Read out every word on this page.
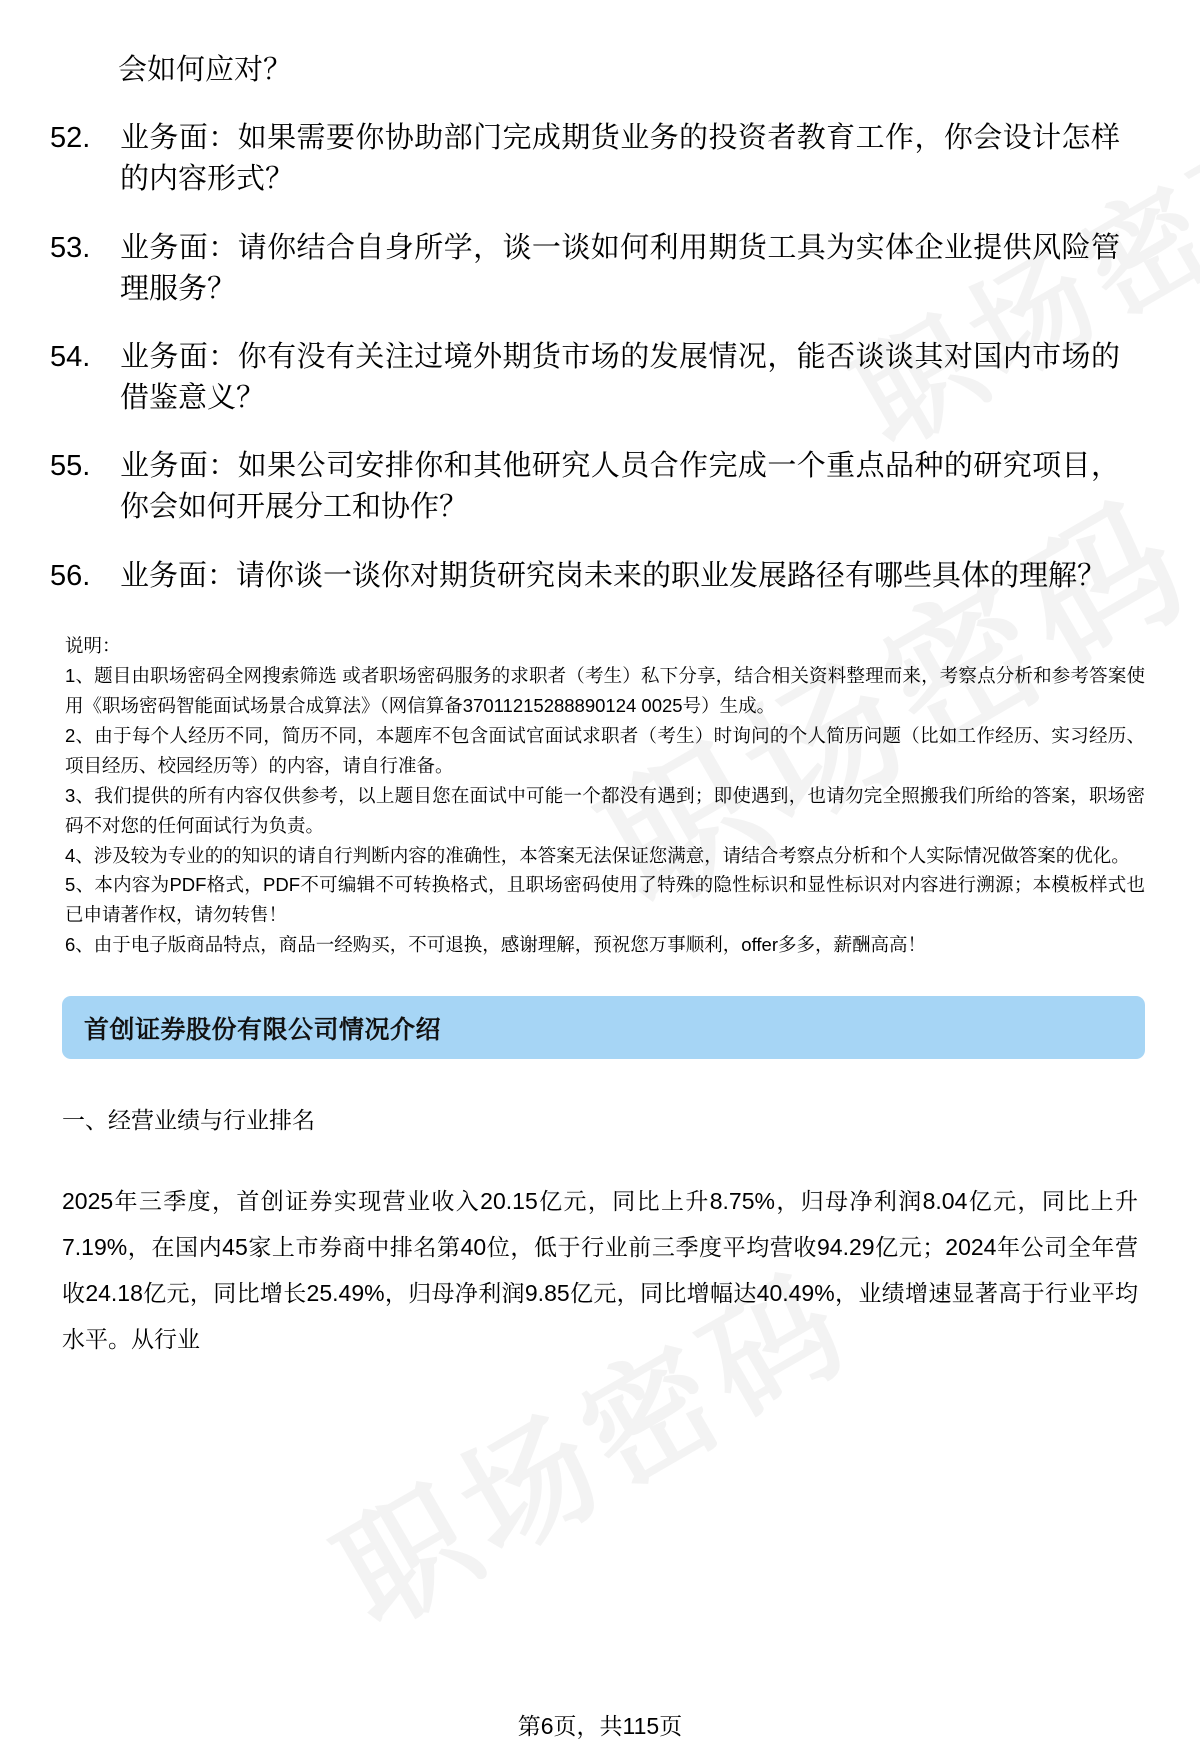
会如何应对？
52.	业务面：如果需要你协助部门完成期货业务的投资者教育工作，你会设计怎样的内容形式？
53.	业务面：请你结合自身所学，谈一谈如何利用期货工具为实体企业提供风险管理服务？
54.	业务面：你有没有关注过境外期货市场的发展情况，能否谈谈其对国内市场的借鉴意义？
55.	业务面：如果公司安排你和其他研究人员合作完成一个重点品种的研究项目，你会如何开展分工和协作？
56.	业务面：请你谈一谈你对期货研究岗未来的职业发展路径有哪些具体的理解？

说明：

1、题目由职场密码全网搜索筛选 或者职场密码服务的求职者（考生）私下分享，结合相关资料整理而来，考察点分析和参考答案使用《职场密码智能面试场景合成算法》（网信算备37011215288890124 0025号）生成。

2、由于每个人经历不同，简历不同，本题库不包含面试官面试求职者（考生）时询问的个人简历问题（比如工作经历、实习经历、项目经历、校园经历等）的内容，请自行准备。

3、我们提供的所有内容仅供参考，以上题目您在面试中可能一个都没有遇到；即使遇到，也请勿完全照搬我们所给的答案，职场密码不对您的任何面试行为负责。

4、涉及较为专业的的知识的请自行判断内容的准确性，本答案无法保证您满意，请结合考察点分析和个人实际情况做答案的优化。

5、本内容为PDF格式，PDF不可编辑不可转换格式，且职场密码使用了特殊的隐性标识和显性标识对内容进行溯源；本模板样式也已申请著作权，请勿转售！

6、由于电子版商品特点，商品一经购买，不可退换，感谢理解，预祝您万事顺利，offer多多，薪酬高高！

首创证券股份有限公司情况介绍
一、经营业绩与行业排名
2025年三季度，首创证券实现营业收入20.15亿元，同比上升8.75%，归母净利润8.04亿元，同比上升7.19%，在国内45家上市券商中排名第40位，低于行业前三季度平均营收94.29亿元；2024年公司全年营收24.18亿元，同比增长25.49%，归母净利润9.85亿元，同比增幅达40.49%，业绩增速显著高于行业平均水平。从行业
第6页，共115页
